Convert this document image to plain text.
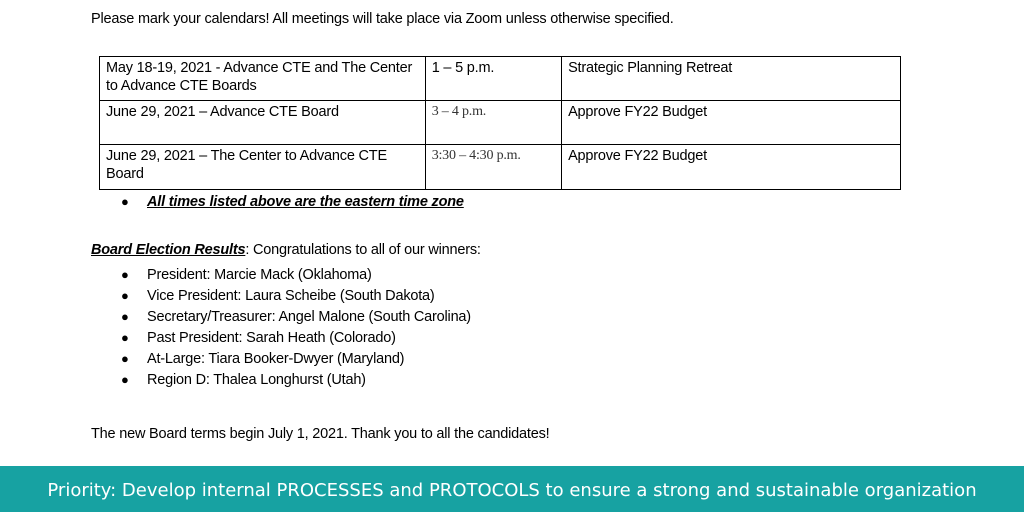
Please mark your calendars! All meetings will take place via Zoom unless otherwise specified.
May 18-19, 2021 - Advance CTE and The Center to Advance CTE Boards	1 – 5 p.m.	Strategic Planning Retreat
June 29, 2021 – Advance CTE Board	3 – 4 p.m.	Approve FY22 Budget
June 29, 2021 – The Center to Advance CTE Board	3:30 – 4:30 p.m.	Approve FY22 Budget
● All times listed above are the eastern time zone
Board Election Results: Congratulations to all of our winners:
● President: Marcie Mack (Oklahoma)
● Vice President: Laura Scheibe (South Dakota)
● Secretary/Treasurer: Angel Malone (South Carolina)
● Past President: Sarah Heath (Colorado)
● At-Large: Tiara Booker-Dwyer (Maryland)
● Region D: Thalea Longhurst (Utah)
The new Board terms begin July 1, 2021. Thank you to all the candidates!
Priority: Develop internal PROCESSES and PROTOCOLS to ensure a strong and sustainable organization
